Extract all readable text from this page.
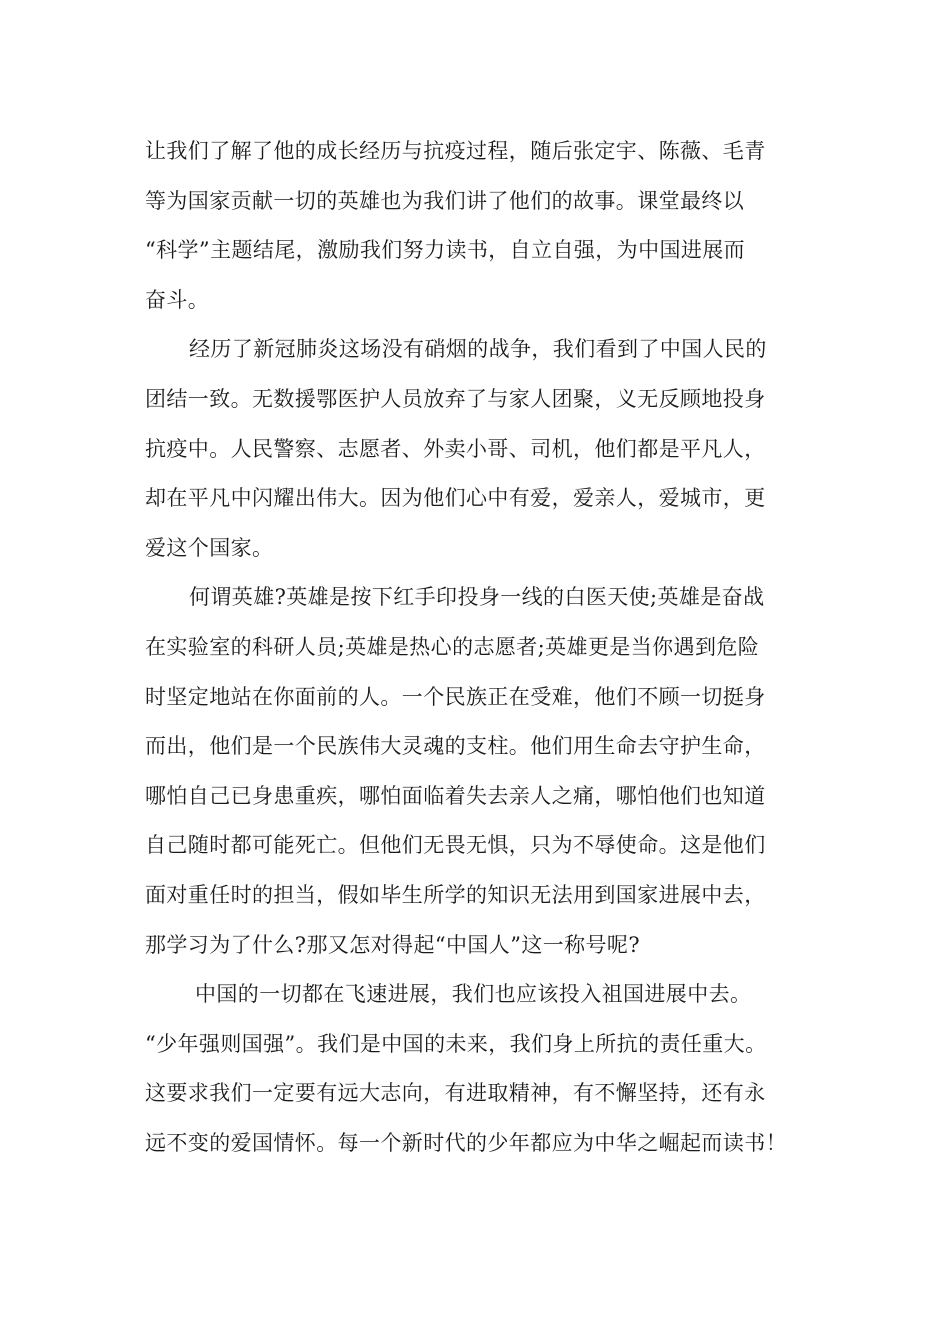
让我们了解了他的成长经历与抗疫过程，随后张定宇、陈薇、毛青
等为国家贡献一切的英雄也为我们讲了他们的故事。课堂最终以
“科学”主题结尾，激励我们努力读书，自立自强，为中国进展而
奋斗。
经历了新冠肺炎这场没有硝烟的战争，我们看到了中国人民的
团结一致。无数援鄂医护人员放弃了与家人团聚，义无反顾地投身
抗疫中。人民警察、志愿者、外卖小哥、司机，他们都是平凡人，
却在平凡中闪耀出伟大。因为他们心中有爱，爱亲人，爱城市，更
爱这个国家。
何谓英雄?英雄是按下红手印投身一线的白医天使;英雄是奋战
在实验室的科研人员;英雄是热心的志愿者;英雄更是当你遇到危险
时坚定地站在你面前的人。一个民族正在受难，他们不顾一切挺身
而出，他们是一个民族伟大灵魂的支柱。他们用生命去守护生命，
哪怕自己已身患重疾，哪怕面临着失去亲人之痛，哪怕他们也知道
自己随时都可能死亡。但他们无畏无惧，只为不辱使命。这是他们
面对重任时的担当，假如毕生所学的知识无法用到国家进展中去，
那学习为了什么?那又怎对得起“中国人”这一称号呢?
中国的一切都在飞速进展，我们也应该投入祖国进展中去。
“少年强则国强”。我们是中国的未来，我们身上所抗的责任重大。
这要求我们一定要有远大志向，有进取精神，有不懈坚持，还有永
远不变的爱国情怀。每一个新时代的少年都应为中华之崛起而读书！
